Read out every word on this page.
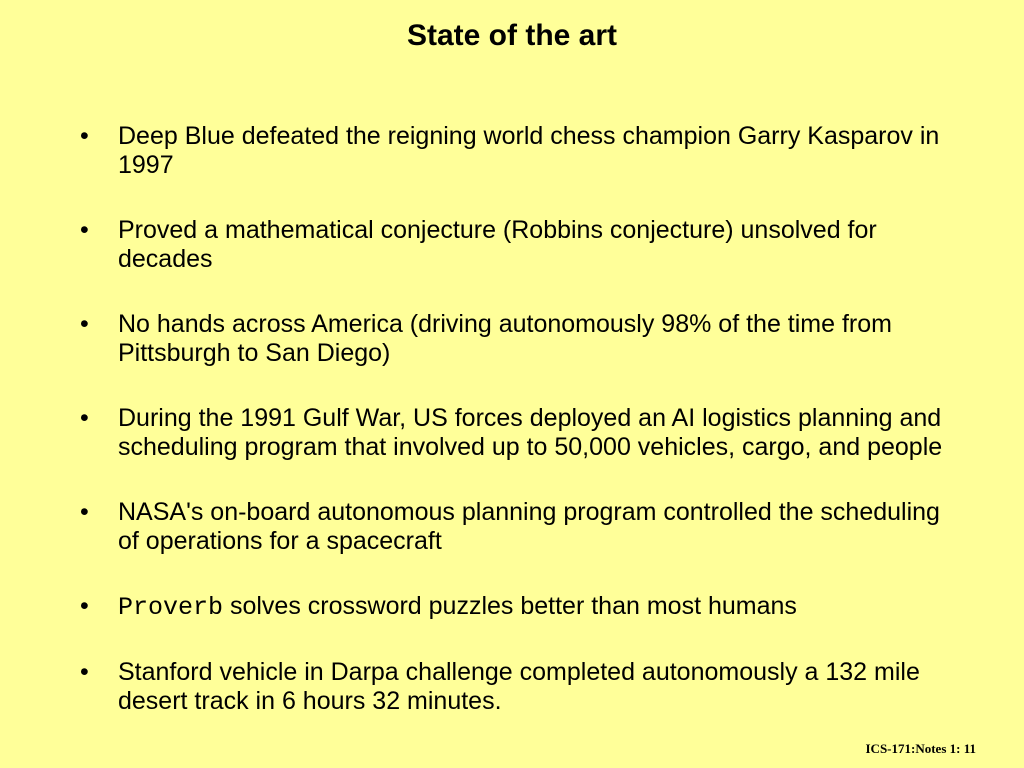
State of the art
• Deep Blue defeated the reigning world chess champion Garry Kasparov in 1997
• Proved a mathematical conjecture (Robbins conjecture) unsolved for decades
• No hands across America (driving autonomously 98% of the time from Pittsburgh to San Diego)
• During the 1991 Gulf War, US forces deployed an AI logistics planning and scheduling program that involved up to 50,000 vehicles, cargo, and people
• NASA's on-board autonomous planning program controlled the scheduling of operations for a spacecraft
• Proverb solves crossword puzzles better than most humans
• Stanford vehicle in Darpa challenge completed autonomously a 132 mile desert track in 6 hours 32 minutes.
ICS-171:Notes 1: 11
